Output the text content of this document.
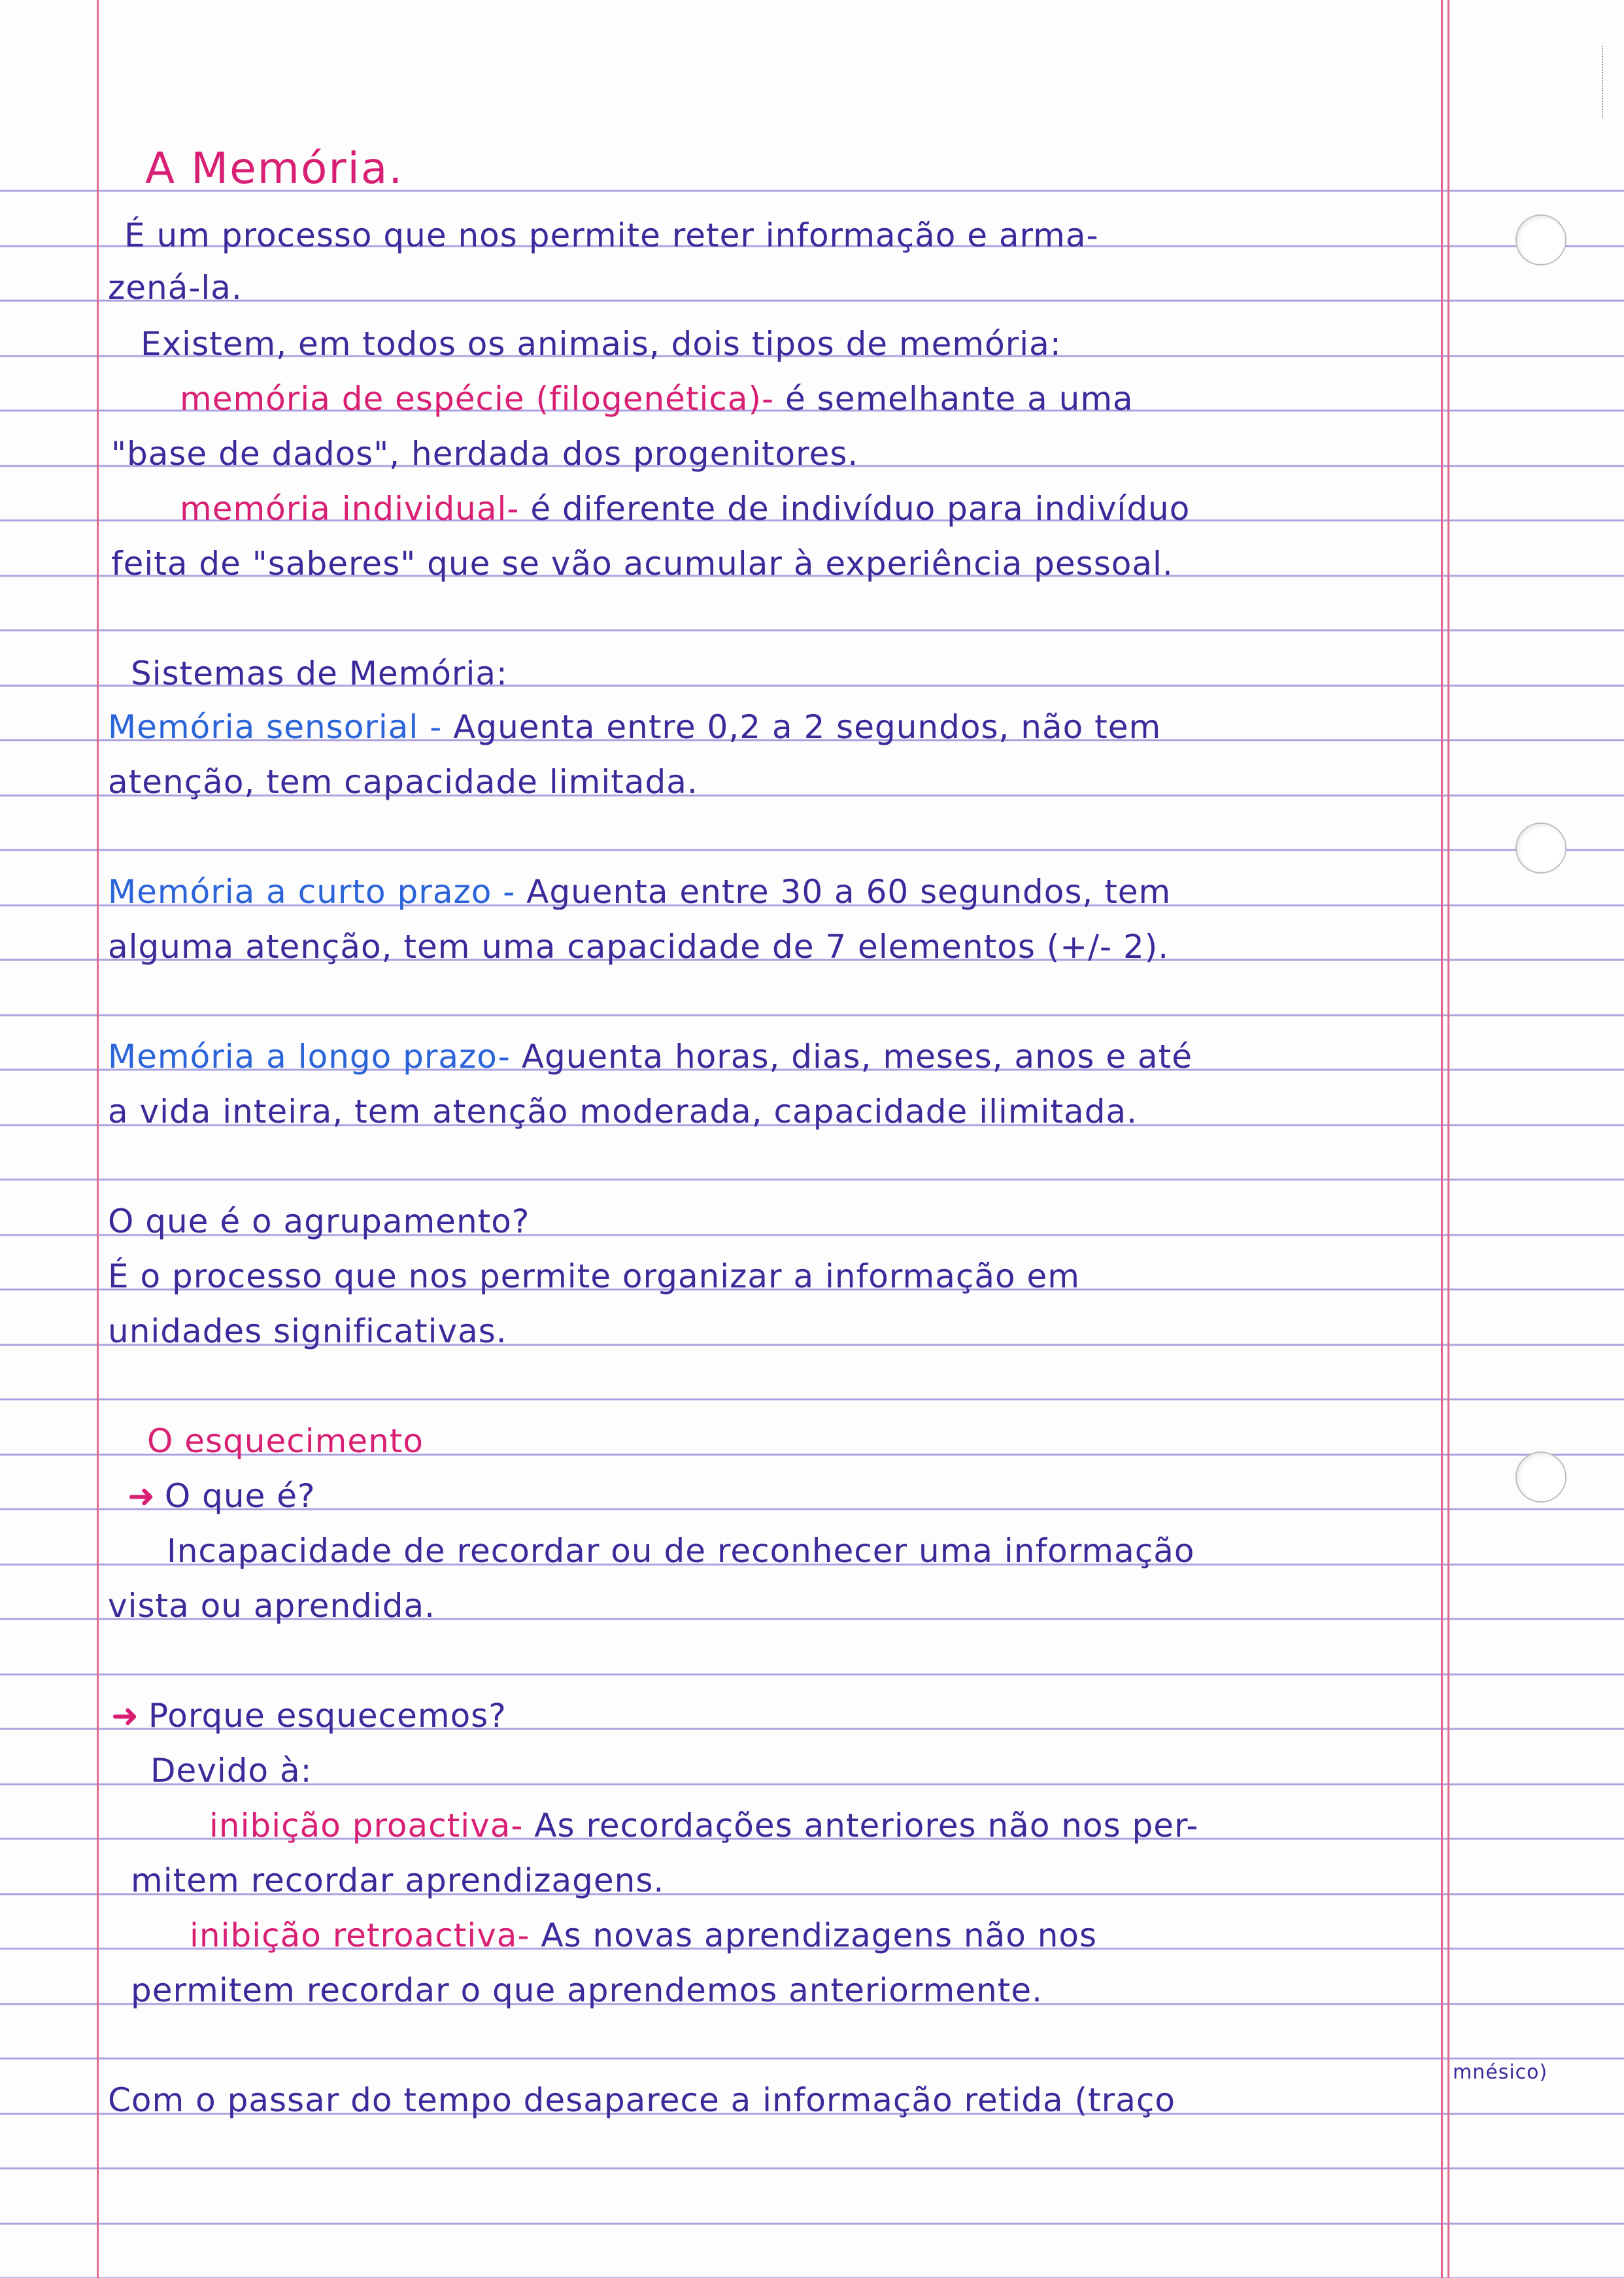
A Memória.
É um processo que nos permite reter informação e arma-
zená-la.
Existem, em todos os animais, dois tipos de memória:
memória de espécie (filogenética)- é semelhante a uma
"base de dados", herdada dos progenitores.
memória individual- é diferente de indivíduo para indivíduo
feita de "saberes" que se vão acumular à experiência pessoal.
Sistemas de Memória:
Memória sensorial - Aguenta entre 0,2 a 2 segundos, não tem
atenção, tem capacidade limitada.
Memória a curto prazo - Aguenta entre 30 a 60 segundos, tem
alguma atenção, tem uma capacidade de 7 elementos (+/- 2).
Memória a longo prazo- Aguenta horas, dias, meses, anos e até
a vida inteira, tem atenção moderada, capacidade ilimitada.
O que é o agrupamento?
É o processo que nos permite organizar a informação em
unidades significativas.
O esquecimento
➜ O que é?
Incapacidade de recordar ou de reconhecer uma informação
vista ou aprendida.
➜ Porque esquecemos?
Devido à:
inibição proactiva- As recordações anteriores não nos per-
mitem recordar aprendizagens.
inibição retroactiva- As novas aprendizagens não nos
permitem recordar o que aprendemos anteriormente.
Com o passar do tempo desaparece a informação retida (traço
mnésico)
